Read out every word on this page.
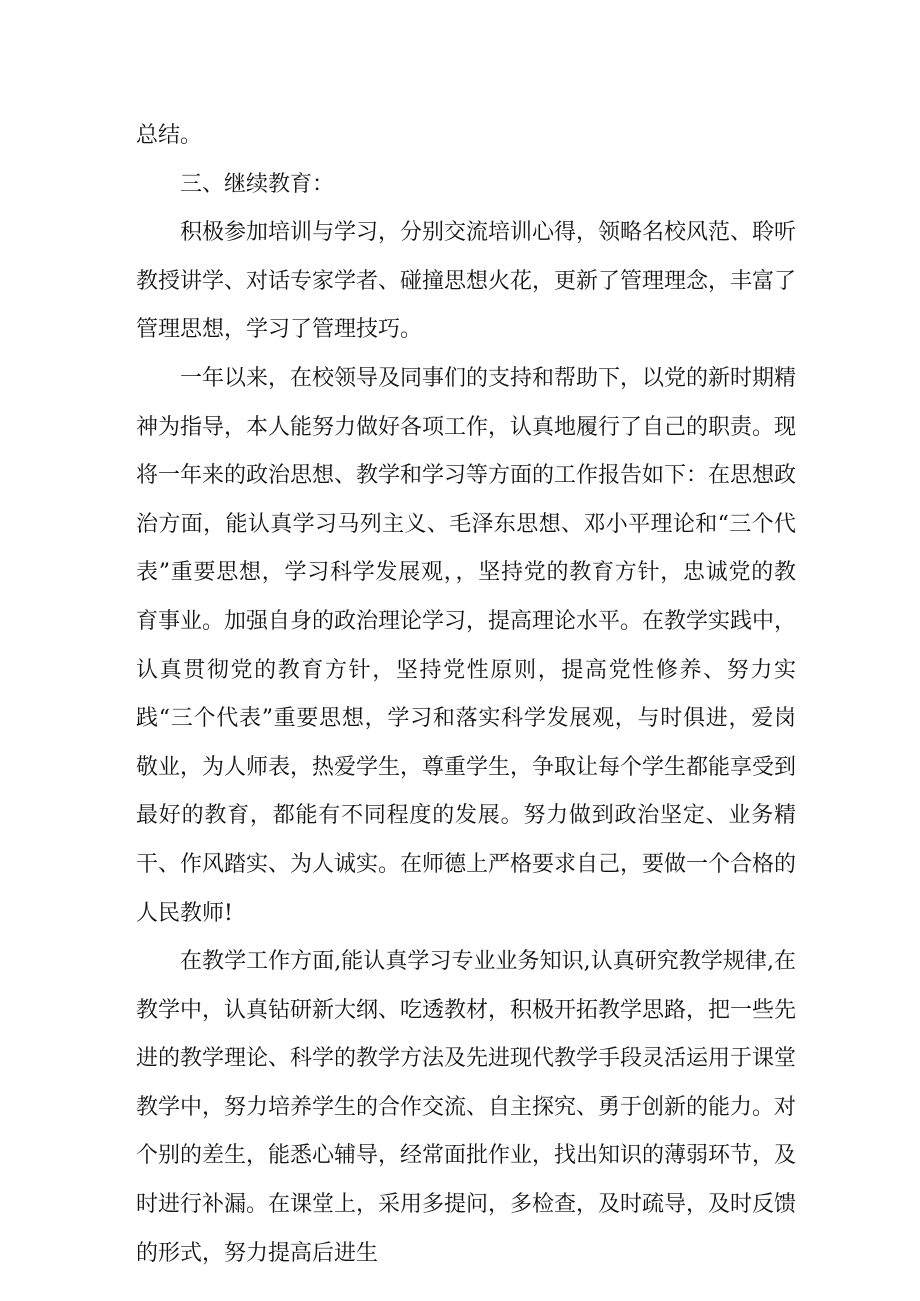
总结。

三、继续教育：

积极参加培训与学习，分别交流培训心得，领略名校风范、聆听教授讲学、对话专家学者、碰撞思想火花，更新了管理理念，丰富了管理思想，学习了管理技巧。

一年以来，在校领导及同事们的支持和帮助下，以党的新时期精神为指导，本人能努力做好各项工作，认真地履行了自己的职责。现将一年来的政治思想、教学和学习等方面的工作报告如下：在思想政治方面，能认真学习马列主义、毛泽东思想、邓小平理论和“三个代表”重要思想，学习科学发展观，，坚持党的教育方针，忠诚党的教育事业。加强自身的政治理论学习，提高理论水平。在教学实践中，认真贯彻党的教育方针，坚持党性原则，提高党性修养、努力实践“三个代表”重要思想，学习和落实科学发展观，与时俱进，爱岗敬业，为人师表，热爱学生，尊重学生，争取让每个学生都能享受到最好的教育，都能有不同程度的发展。努力做到政治坚定、业务精干、作风踏实、为人诚实。在师德上严格要求自己，要做一个合格的人民教师!

在教学工作方面,能认真学习专业业务知识,认真研究教学规律,在教学中，认真钻研新大纲、吃透教材，积极开拓教学思路，把一些先进的教学理论、科学的教学方法及先进现代教学手段灵活运用于课堂教学中，努力培养学生的合作交流、自主探究、勇于创新的能力。对个别的差生，能悉心辅导，经常面批作业，找出知识的薄弱环节，及时进行补漏。在课堂上，采用多提问，多检查，及时疏导，及时反馈的形式，努力提高后进生
